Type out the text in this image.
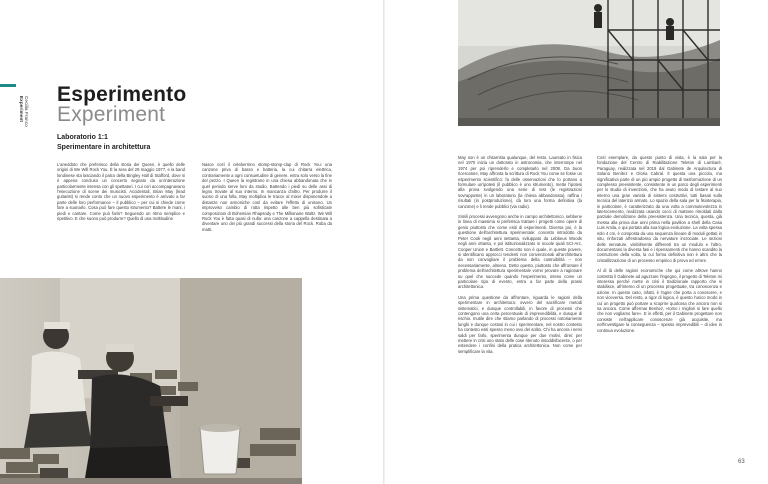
Experiment Cecilia Franco
Esperimento
Experiment
Laboratorio 1:1
Sperimentare in architettura

L'aneddoto che preferisco della storia dei Queen, è quello delle origini di We Will Rock You. È la sera del 29 maggio 1977, e la band londinese sta lasciando il palco della Bingley Hall di Stafford, dove si è appena concluso un concerto segnato da un'interazione particolarmente intensa con gli spettatori. I cui cori accompagnavano l'esecuzione di scene dei musicisti. Accidentali, Brian May (lead guitarist) si rende conto che un nuovo esperimento è arrivato a far parte delle loro performance – il pubblico – per cui si chiede come fare a suonarlo. Cosa può fare questo strumento? Battere le mani, i piedi e cantare. Come può farlo? Seguendo un ritmo semplice e ripetitivo. E che suono può produrre? Quello di una moltitudine

Nasce così il celeberrimo stomp-stomp-clap di Rock You: una canzone priva di basso e batteria, la cui chitarra elettrica, contrariamente a ogni consuetudine di genere, entra solo verso la fine del pezzo. I Queen la registrano in una chiesa abbandonata che in quel periodo serve loro da studio. Battendo i piedi su delle assi di legno trovate al suo interno. In mancanza d'altro. Per produrre il suono di una folla, May moltiplica le tracce al mixer disponendole a distanze non armoniche così da evitare l'effetto di unisono. Un improvviso cambio di rotta rispetto alle ben più sofisticate composizioni di Bohemian Rhapsody e The Millionaire Waltz. We Will Rock You è fatta quasi di nulla: una canzone a cappella destinata a diventare uno dei più grandi successi della storia del Rock. Roba da matti.

May non è un chitarrista qualunque, del resto. Laureato in fisica nel 1970 inizia un dottorato in astronomia, che interrompe nel 1974 per poi riprenderlo e completarlo nel 2008. Da buon ricercatore, May affronta la scrittura di Rock You come se fosse un esperimento scientifico: fa delle osservazioni che lo portano a formulare un'ipotesi (il pubblico è uno strumento), mette l'ipotesi alla prova svolgendo una serie di test (le registrazioni sovrapposte) in un laboratorio (la chiesa abbandonata), raffina i risultati (in postproduzione), dà loro una forma definitiva (la canzone) e li rende pubblici (via radio).

Simili processi avvengono anche in campo architettonico, sebbene in linea di massima si preferisca trattare i progetti come opere di genio piuttosto che come esiti di esperimenti. Diversa poi, è la questione dell'architettura sperimentale: concetto introdotto da Peter Cook negli anni settanta, sviluppato da Lebbeus Woods negli anni ottanta, e poi istituzionalizzato in scuole quali SCI-Arc, Cooper Union e Bartlett. Concetto non è quale, in queste povere, si identificano approcci tendenti non convenzionali all'architettura da non convogliare il problema della costruibilità – non necessariamente, almeno. Detto questo, piuttosto che affrontare il problema dell'architettura sperimentale vorrei provare a ragionare su quel che succede quando l'esperimento, inteso come un particolare tipo di evento, entra a far parte della prassi architettonica.

Una prima questione da affrontare, riguarda le ragioni della sperimentare in architettura: ovvero del sacrificare metodi sistematici, e dunque controllabili, in favore di processi che contengono una certa percentuale di imprevedibilità, e dunque di rischio. Inutile dire che stiamo parlando di processi notoriamente lunghi e dunque costosi in cui i sperimentare, nel nostro contesto ha contesto esiti spesso meno ovvi del solito. Chi ha ancora i nervi saldi per farlo, sperimenta dunque per due motivi, direi: per mettere in crisi uno stato delle cose ritenuto insoddisfacente, o per estendere i confini della pratica architettonica. Non come per semplificare la vita.

Così esemplare, da questo punto di vista, è la sala per la fondazione del Centro di Riabilitazione Teleton di Lambaré, Paraguay, realizzata nel 2019 dal Gabinete de Arquitectura di Solano Benítez e Gloria Cabral. Il questa una piccola, ma significativa parte di un più ampio progetto di trasformazione di un complesso preesistente, consistente in un parco degli esperimenti per lo studio di invenzioni, che ha avuto modo di testare al suo interno una gran varietà di sistemi costruttivi, tutti basati sulla tecnica del laterizio armato. Lo spazio della sala per la fisioterapia, in particolare, è caratterizzato da una volta a commutevolezza in laterocemento, realizzata usando cocci di mattone rimoldati dalla parziale demolizione della preesistenza. Una tecnica, questa, già messa alla prova due anni prima nella pavilion a shell della Casa Luis Amila, e qui portata alla sua logica evoluzione. La volta spessa solo 4 cm, è composta da una sequenza lineare di moduli gettati in situ, rinforzati all'estradosso da nervature incrociate. Le sezioni delle nervature, visibilmente differenti tra un modulo e l'altro, documentano la diversa fasi e i ripensamenti che hanno scandito la costruzione della volta, la cui forma definitiva non è altro che la cristallizzazione di un processo empirico di prova ed errore.

Al di là delle ragioni economiche che qui come altrove hanno costretto il Gabinete ad aguzzare l'ingegno, il progetto di Teleton mi interessa perché mette in crisi il tradizionale rapporto che si stabilisce, all'interno di un processo progettuale, tra conoscenza e azione. In questo caso, infatti, è l'agire che porta a conoscere, e non viceversa. Del resto, a rigor di logica, è questo l'unico modo in cui un progetto può portare a scoprire qualcosa che ancora non si sa ancora. Come affermai Benítez, «tomo i migliori si fare quello che non vogliamo fare». E in effetti, per il Gabinete progettare non consiste nell'applicare conoscenze già acquisite, ma nell'investigare la conseguenza – spesso imprevedibili – di idee in continua evoluzione.

63
